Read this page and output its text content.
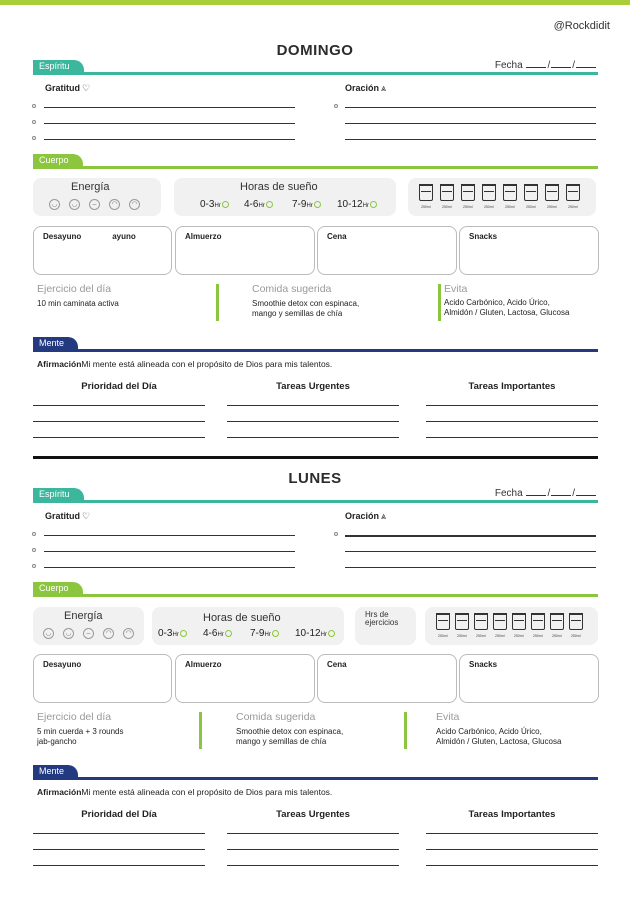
@Rockdidit
DOMINGO
Espíritu	Fecha / /
Gratitud ♡	Oración ⩓
Cuerpo
Energía
◡	◡	–	◠	◠
Horas de sueño
0-3Hr	4-6Hr	7-9Hr	10-12Hr	250ml	250ml	250ml	250ml	250ml	250ml	250ml	250ml
Desayuno	ayuno	Almuerzo	Cena	Snacks
Ejercicio del día
10 min caminata activa
Comida sugerida
Smoothie detox con espinaca,
mango y semillas de chía
Evita
Acido Carbónico, Acido Úrico,
Almidón / Gluten, Lactosa, Glucosa
Mente
AfirmaciónMi mente está alineada con el propósito de Dios para mis talentos.
Prioridad del Día	Tareas Urgentes	Tareas Importantes
LUNES
Espíritu	Fecha / /
Gratitud ♡	Oración ⩓
Cuerpo
Energía
◡	◡	–	◠	◠
Horas de sueño
0-3Hr	4-6Hr	7-9Hr	10-12Hr
Hrs de
ejercicios
250ml	250ml	250ml	250ml	250ml	250ml	250ml	250ml
Desayuno	Almuerzo	Cena	Snacks
Ejercicio del día
5 min cuerda + 3 rounds
jab-gancho
Comida sugerida
Smoothie detox con espinaca,
mango y semillas de chía
Evita
Acido Carbónico, Acido Úrico,
Almidón / Gluten, Lactosa, Glucosa
Mente
AfirmaciónMi mente está alineada con el propósito de Dios para mis talentos.
Prioridad del Día	Tareas Urgentes	Tareas Importantes
